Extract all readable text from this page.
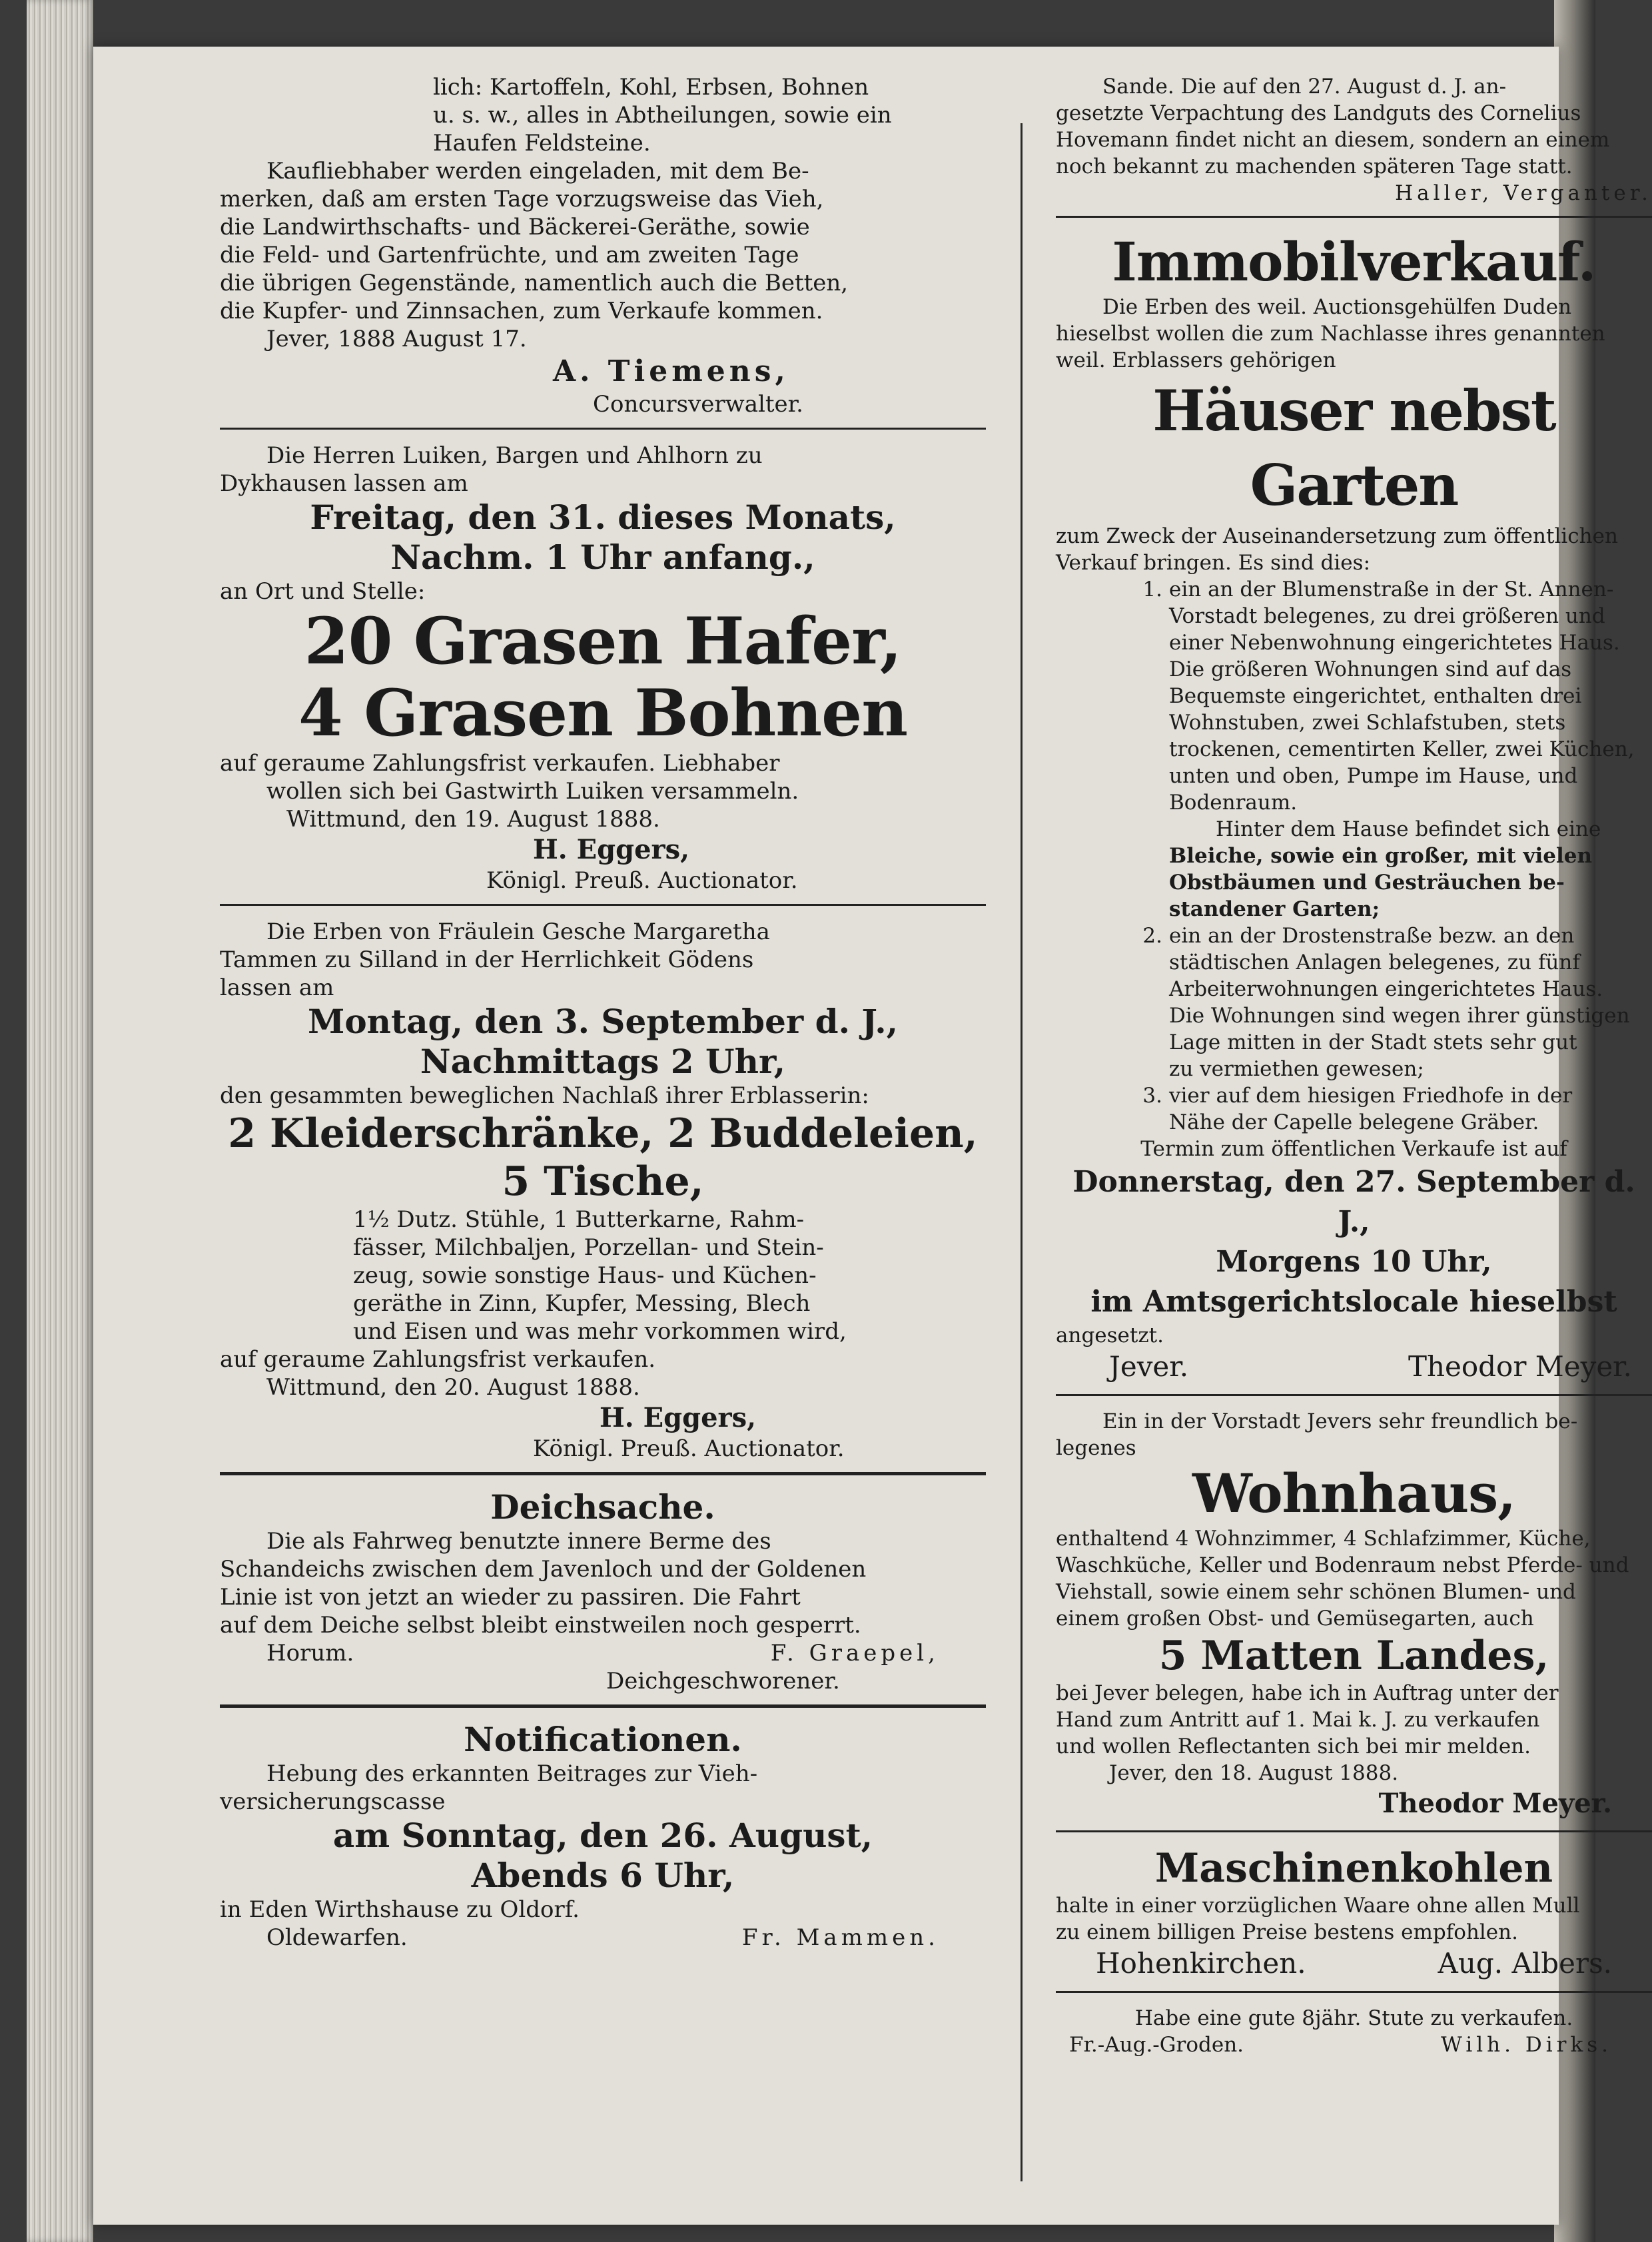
lich: Kartoffeln, Kohl, Erbsen, Bohnen
u. s. w., alles in Abtheilungen, sowie ein
Haufen Feldsteine.
Kaufliebhaber werden eingeladen, mit dem Be-
merken, daß am ersten Tage vorzugsweise das Vieh,
die Landwirthschafts- und Bäckerei-Geräthe, sowie
die Feld- und Gartenfrüchte, und am zweiten Tage
die übrigen Gegenstände, namentlich auch die Betten,
die Kupfer- und Zinnsachen, zum Verkaufe kommen.
Jever, 1888 August 17.
A. Tiemens,
Concursverwalter.
Die Herren Luiken, Bargen und Ahlhorn zu
Dykhausen lassen am
Freitag, den 31. dieses Monats,
Nachm. 1 Uhr anfang.,
an Ort und Stelle:
20 Grasen Hafer,
4 Grasen Bohnen
auf geraume Zahlungsfrist verkaufen. Liebhaber
wollen sich bei Gastwirth Luiken versammeln.
Wittmund, den 19. August 1888.
H. Eggers,
Königl. Preuß. Auctionator.
Die Erben von Fräulein Gesche Margaretha
Tammen zu Silland in der Herrlichkeit Gödens
lassen am
Montag, den 3. September d. J.,
Nachmittags 2 Uhr,
den gesammten beweglichen Nachlaß ihrer Erblasserin:
2 Kleiderschränke, 2 Buddeleien,
5 Tische,
1½ Dutz. Stühle, 1 Butterkarne, Rahm-
fässer, Milchbaljen, Porzellan- und Stein-
zeug, sowie sonstige Haus- und Küchen-
geräthe in Zinn, Kupfer, Messing, Blech
und Eisen und was mehr vorkommen wird,
auf geraume Zahlungsfrist verkaufen.
Wittmund, den 20. August 1888.
H. Eggers,
Königl. Preuß. Auctionator.
Deichsache.
Die als Fahrweg benutzte innere Berme des
Schandeichs zwischen dem Javenloch und der Goldenen
Linie ist von jetzt an wieder zu passiren. Die Fahrt
auf dem Deiche selbst bleibt einstweilen noch gesperrt.
Horum.	F. Graepel,
Deichgeschworener.
Notificationen.
Hebung des erkannten Beitrages zur Vieh-
versicherungscasse
am Sonntag, den 26. August,
Abends 6 Uhr,
in Eden Wirthshause zu Oldorf.
Oldewarfen.	Fr. Mammen.
Sande. Die auf den 27. August d. J. an-
gesetzte Verpachtung des Landguts des Cornelius
Hovemann findet nicht an diesem, sondern an einem
noch bekannt zu machenden späteren Tage statt.
Haller, Verganter.
Immobilverkauf.
Die Erben des weil. Auctionsgehülfen Duden
hieselbst wollen die zum Nachlasse ihres genannten
weil. Erblassers gehörigen
Häuser nebst Garten
zum Zweck der Auseinandersetzung zum öffentlichen
Verkauf bringen. Es sind dies:
1. ein an der Blumenstraße in der St. Annen-
Vorstadt belegenes, zu drei größeren und
einer Nebenwohnung eingerichtetes Haus.
Die größeren Wohnungen sind auf das
Bequemste eingerichtet, enthalten drei
Wohnstuben, zwei Schlafstuben, stets
trockenen, cementirten Keller, zwei Küchen,
unten und oben, Pumpe im Hause, und
Bodenraum.
Hinter dem Hause befindet sich eine
Bleiche, sowie ein großer, mit vielen
Obstbäumen und Gesträuchen be-
standener Garten;
2. ein an der Drostenstraße bezw. an den
städtischen Anlagen belegenes, zu fünf
Arbeiterwohnungen eingerichtetes Haus.
Die Wohnungen sind wegen ihrer günstigen
Lage mitten in der Stadt stets sehr gut
zu vermiethen gewesen;
3. vier auf dem hiesigen Friedhofe in der
Nähe der Capelle belegene Gräber.
Termin zum öffentlichen Verkaufe ist auf
Donnerstag, den 27. September d. J.,
Morgens 10 Uhr,
im Amtsgerichtslocale hieselbst
angesetzt.
Jever.	Theodor Meyer.
Ein in der Vorstadt Jevers sehr freundlich be-
legenes
Wohnhaus,
enthaltend 4 Wohnzimmer, 4 Schlafzimmer, Küche,
Waschküche, Keller und Bodenraum nebst Pferde- und
Viehstall, sowie einem sehr schönen Blumen- und
einem großen Obst- und Gemüsegarten, auch
5 Matten Landes,
bei Jever belegen, habe ich in Auftrag unter der
Hand zum Antritt auf 1. Mai k. J. zu verkaufen
und wollen Reflectanten sich bei mir melden.
Jever, den 18. August 1888.
Theodor Meyer.
Maschinenkohlen
halte in einer vorzüglichen Waare ohne allen Mull
zu einem billigen Preise bestens empfohlen.
Hohenkirchen.	Aug. Albers.
Habe eine gute 8jähr. Stute zu verkaufen.
Fr.-Aug.-Groden.	Wilh. Dirks.
